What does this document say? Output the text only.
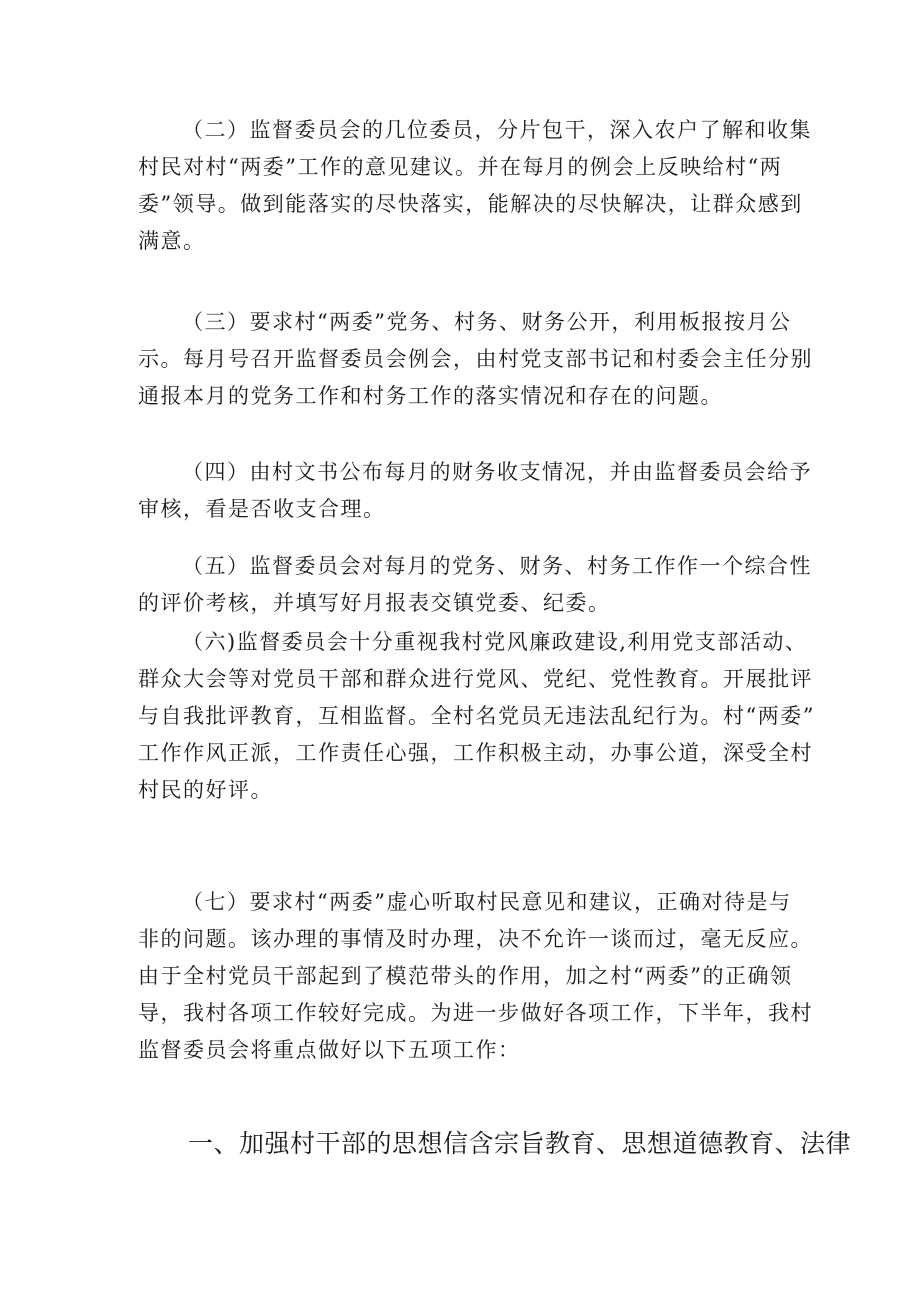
（二）监督委员会的几位委员，分片包干，深入农户了解和收集
村民对村“两委”工作的意见建议。并在每月的例会上反映给村“两
委”领导。做到能落实的尽快落实，能解决的尽快解决，让群众感到
满意。

（三）要求村“两委”党务、村务、财务公开，利用板报按月公
示。每月号召开监督委员会例会，由村党支部书记和村委会主任分别
通报本月的党务工作和村务工作的落实情况和存在的问题。

（四）由村文书公布每月的财务收支情况，并由监督委员会给予
审核，看是否收支合理。

（五）监督委员会对每月的党务、财务、村务工作作一个综合性
的评价考核，并填写好月报表交镇党委、纪委。

（六)监督委员会十分重视我村党风廉政建设,利用党支部活动、
群众大会等对党员干部和群众进行党风、党纪、党性教育。开展批评
与自我批评教育，互相监督。全村名党员无违法乱纪行为。村“两委”
工作作风正派，工作责任心强，工作积极主动，办事公道，深受全村
村民的好评。

（七）要求村“两委”虚心听取村民意见和建议，正确对待是与
非的问题。该办理的事情及时办理，决不允许一谈而过，毫无反应。
由于全村党员干部起到了模范带头的作用，加之村“两委”的正确领
导，我村各项工作较好完成。为进一步做好各项工作，下半年，我村
监督委员会将重点做好以下五项工作：

一、加强村干部的思想信含宗旨教育、思想道德教育、法律
